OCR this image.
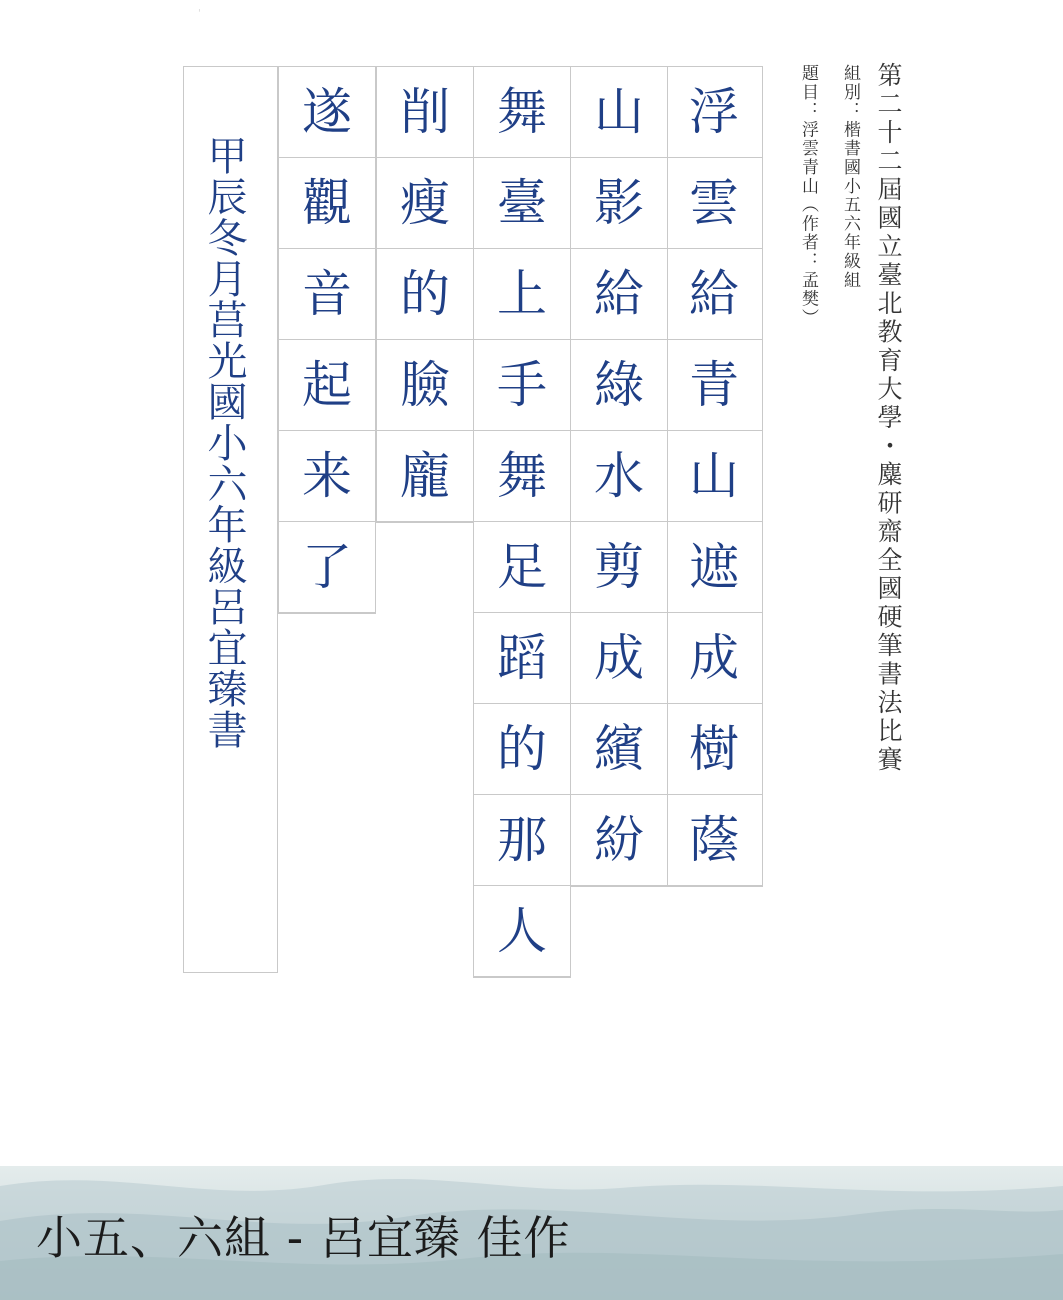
'
第二十二屆國立臺北教育大學・麋研齋全國硬筆書法比賽
組別：楷書國小五六年級組
題目：浮雲青山（作者：孟樊）
浮
雲
給
青
山
遮
成
樹
蔭
山
影
給
綠
水
剪
成
繽
紛
舞
臺
上
手
舞
足
蹈
的
那
人
削
瘦
的
臉
龐
遂
觀
音
起
来
了
甲辰冬月莒光國小六年級呂宜臻書
小五、六組 - 呂宜臻 佳作
